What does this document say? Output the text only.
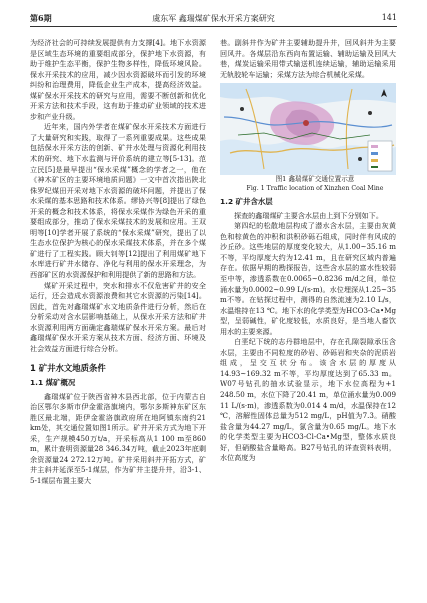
第6期	虞东军 鑫瑞煤矿保水开采方案研究	141

为经济社会的可持续发展提供有力支撑[4]。地下水资源是区域生态环境的重要组成部分，保护地下水资源，有助于维护生态平衡，保护生物多样性，降低环境风险。保水开采技术的应用，减少因水资源破坏而引发的环境纠纷和治理费用，降低企业生产成本，提高经济效益。煤矿保水开采技术的研究与应用，需要不断创新和优化开采方法和技术手段，这有助于推动矿业领域的技术进步和产业升级。

近年来，国内外学者在煤矿保水开采技术方面进行了大量研究和实践，取得了一系列重要成果。这些成果包括保水开采方法的创新、矿井水处理与资源化利用技术的研究、地下水监测与评价系统的建立等[5-13]。范立民[5]是最早提出“保水采煤”概念的学者之一，他在《神木矿区的主要环境地质问题》一文中首次指出陕北侏罗纪煤田开采对地下水资源的破坏问题，并提出了保水采煤的基本思路和技术体系。缪协兴等[8]提出了绿色开采的概念和技术体系，将保水采煤作为绿色开采的重要组成部分，推动了保水采煤技术的发展和应用。王双明等[10]学者开展了系统的“保水采煤”研究，提出了以生态水位保护为核心的保水采煤技术体系，并在多个煤矿进行了工程实践。顾大钊等[12]提出了利用煤矿地下水库进行矿井水储存、净化与利用的保水开采理念，为西部矿区的水资源保护和利用提供了新的思路和方法。

煤矿开采过程中，突水和排水不仅危害矿井的安全运行，还会造成水资源浪费和其它水资源的污染[14]。因此，首先对鑫瑞煤矿水文地质条件进行分析，然后在分析采动对含水层影响基础上，从保水开采方法和矿井水资源利用两方面确定鑫瑞煤矿保水开采方案。最后对鑫瑞煤矿保水开采方案从技术方面、经济方面、环境及社会效益方面进行综合分析。

1 矿井水文地质条件
1.1 煤矿概况

鑫瑞煤矿位于陕西省神木县西北部，位于内蒙古自治区鄂尔多斯市伊金霍洛旗境内，鄂尔多斯神东矿区东胜区最北端，距伊金霍洛旗政府所在地阿镇东南约21 km处，其交通位置如图1所示。矿井开采方式为地下开采，生产规模450万t/a，开采标高从1 100 m至860 m，累计查明资源量28 346.34万吨，截止2023年底剩余资源量24 272.12万吨。矿井采用斜井开拓方式，矿井主斜井延深至5-1煤层，作为矿井主提升井，沿3-1、5-1煤层布置主要大

巷。副斜井作为矿井主要辅助提升井，回风斜井为主要回风井。各煤层沿东西向布置运输、辅助运输及回风大巷，煤炭运输采用带式输送机连续运输，辅助运输采用无轨胶轮车运输；采煤方法为综合机械化采煤。

图1 鑫瑞煤矿交通位置示意

Fig. 1 Traffic location of Xinzhen Coal Mine

1.2 矿井含水层

探查的鑫瑞煤矿主要含水层由上到下分别如下。

第四纪的松散地层构成了潜水含水层，主要由灰黄色和棕黄色的冲积和洪积砂砾石组成，同时伴有风成的沙丘砂。这些地层的厚度变化较大，从1.00~35.16 m不等，平均厚度大约为12.41 m，且在研究区域内普遍存在。依据早期的勘探报告，这些含水层的富水性较弱至中等，渗透系数在0.0065~0.8236 m/d之间，单位涌水量为0.0002~0.99 L/(s·m)。水位埋深从1.25~35 m不等。在钻探过程中，测得的自然流速为2.10 L/s，水温维持在13 ℃。地下水的化学类型为HCO3-Ca•Mg型，呈弱碱性，矿化度较低，水质良好，是当地人畜饮用水的主要来源。

白垩纪下统的志丹群地层中，存在孔隙裂隙承压含水层，主要由不同粒度的砂岩、砂砾岩和夹杂的泥质岩组成，呈交互状分布。该含水层的厚度从14.93~169.32 m不等，平均厚度达到了65.33 m。W07号钻孔的抽水试验显示，地下水位高程为+1 248.50 m，水位下降了20.41 m，单位涌水量为0.009 11 L/(s·m)，渗透系数为0.014 4 m/d，水温保持在12 ℃，溶解性固体总量为512 mg/L，pH值为7.3。硝酸盐含量为44.27 mg/L，氯含量为0.65 mg/L。地下水的化学类型主要为HCO3-Cl-Ca•Mg型，整体水质良好，但硝酸盐含量略高。B27号钻孔的详查资料表明，水位高度为
